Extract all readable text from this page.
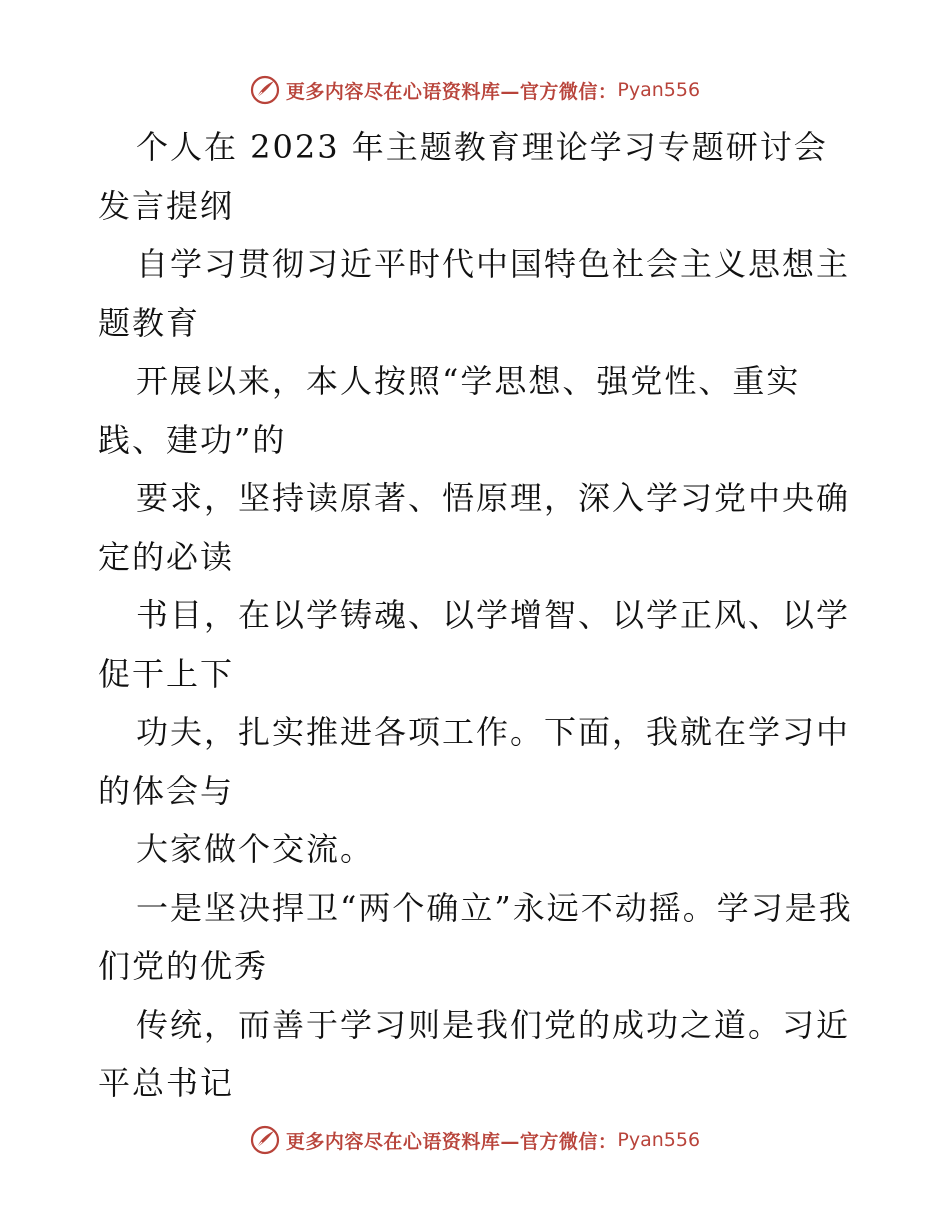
更多内容尽在心语资料库—官方微信： Pyan556

个人在 2023 年主题教育理论学习专题研讨会发言提纲

自学习贯彻习近平时代中国特色社会主义思想主题教育

开展以来，本人按照“学思想、强党性、重实践、建功”的

要求，坚持读原著、悟原理，深入学习党中央确定的必读

书目，在以学铸魂、以学增智、以学正风、以学促干上下

功夫，扎实推进各项工作。下面，我就在学习中的体会与

大家做个交流。

一是坚决捍卫“两个确立”永远不动摇。学习是我们党的优秀

传统，而善于学习则是我们党的成功之道。习近平总书记

更多内容尽在心语资料库—官方微信： Pyan556
